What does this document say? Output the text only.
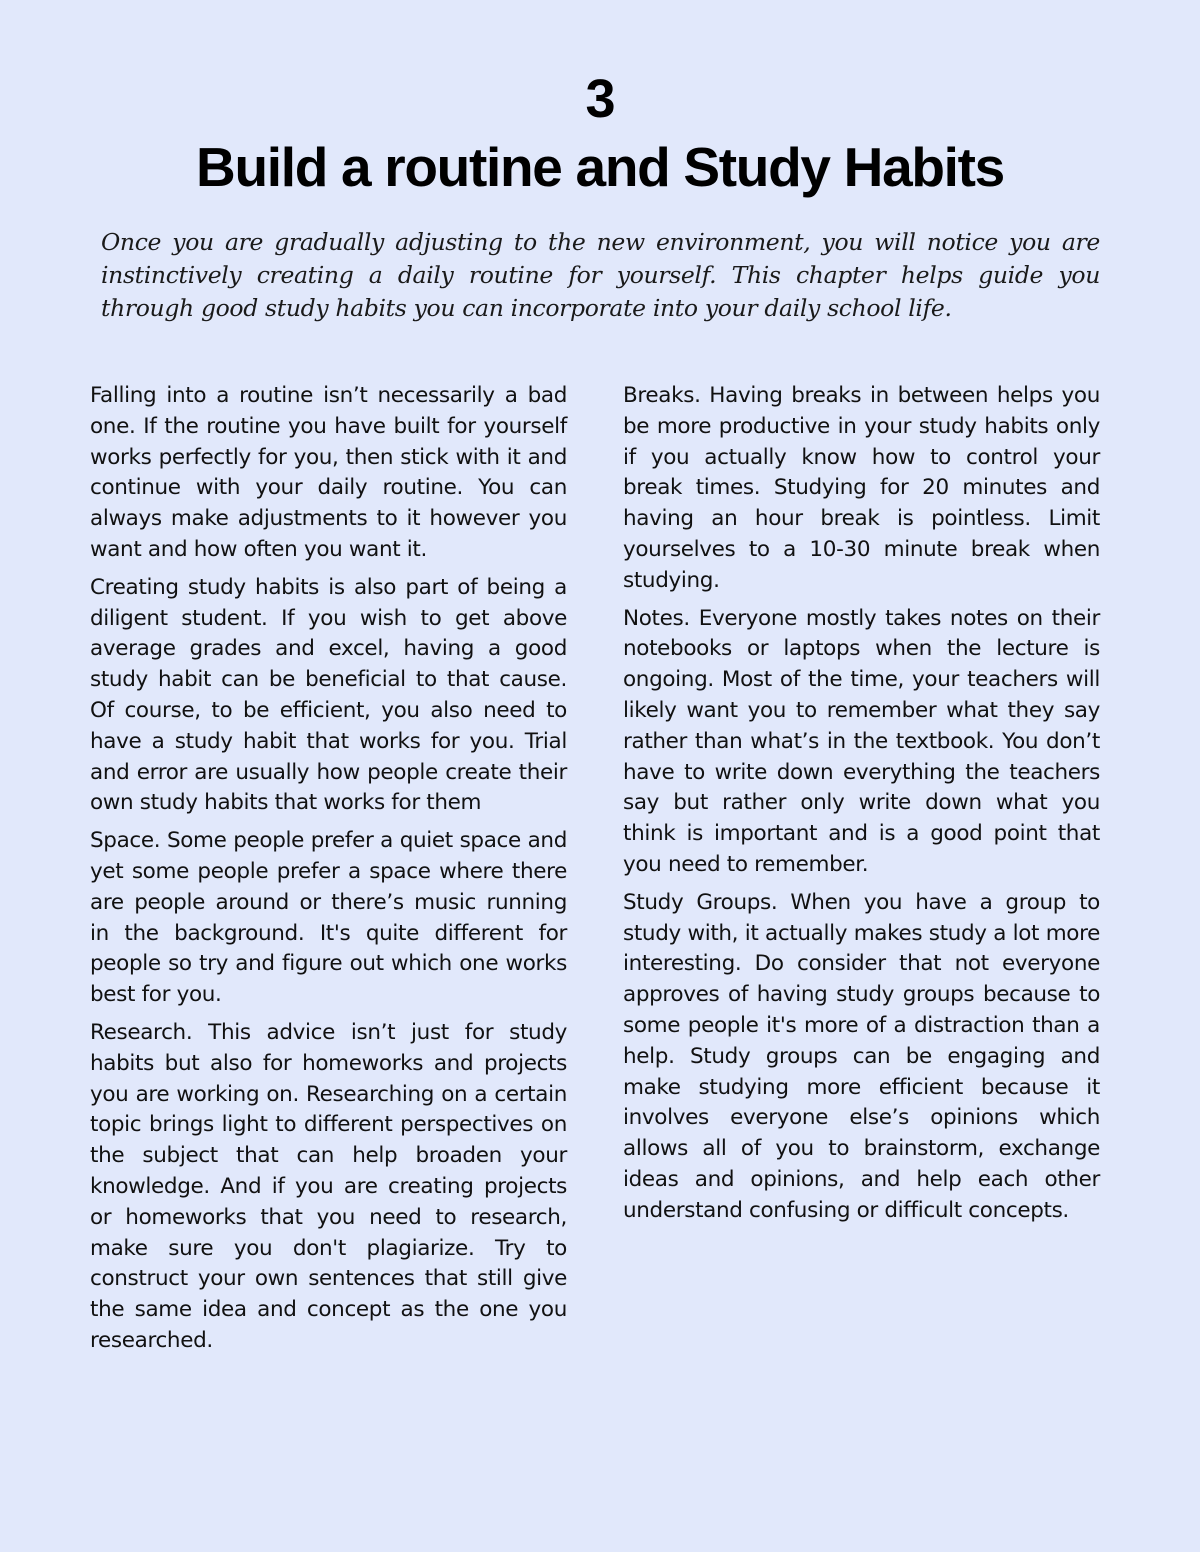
3
Build a routine and Study Habits

Once you are gradually adjusting to the new environment, you will notice you are instinctively creating a daily routine for yourself. This chapter helps guide you through good study habits you can incorporate into your daily school life.

Falling into a routine isn’t necessarily a bad one. If the routine you have built for yourself works perfectly for you, then stick with it and continue with your daily routine. You can always make adjustments to it however you want and how often you want it.

Creating study habits is also part of being a diligent student. If you wish to get above average grades and excel, having a good study habit can be beneficial to that cause. Of course, to be efficient, you also need to have a study habit that works for you. Trial and error are usually how people create their own study habits that works for them

Space. Some people prefer a quiet space and yet some people prefer a space where there are people around or there’s music running in the background. It's quite different for people so try and figure out which one works best for you.

Research. This advice isn’t just for study habits but also for homeworks and projects you are working on. Researching on a certain topic brings light to different perspectives on the subject that can help broaden your knowledge. And if you are creating projects or homeworks that you need to research, make sure you don't plagiarize. Try to construct your own sentences that still give the same idea and concept as the one you researched.

Breaks. Having breaks in between helps you be more productive in your study habits only if you actually know how to control your break times. Studying for 20 minutes and having an hour break is pointless. Limit yourselves to a 10-30 minute break when studying.

Notes. Everyone mostly takes notes on their notebooks or laptops when the lecture is ongoing. Most of the time, your teachers will likely want you to remember what they say rather than what’s in the textbook. You don’t have to write down everything the teachers say but rather only write down what you think is important and is a good point that you need to remember.

Study Groups. When you have a group to study with, it actually makes study a lot more interesting. Do consider that not everyone approves of having study groups because to some people it's more of a distraction than a help. Study groups can be engaging and make studying more efficient because it involves everyone else’s opinions which allows all of you to brainstorm, exchange ideas and opinions, and help each other understand confusing or difficult concepts.
